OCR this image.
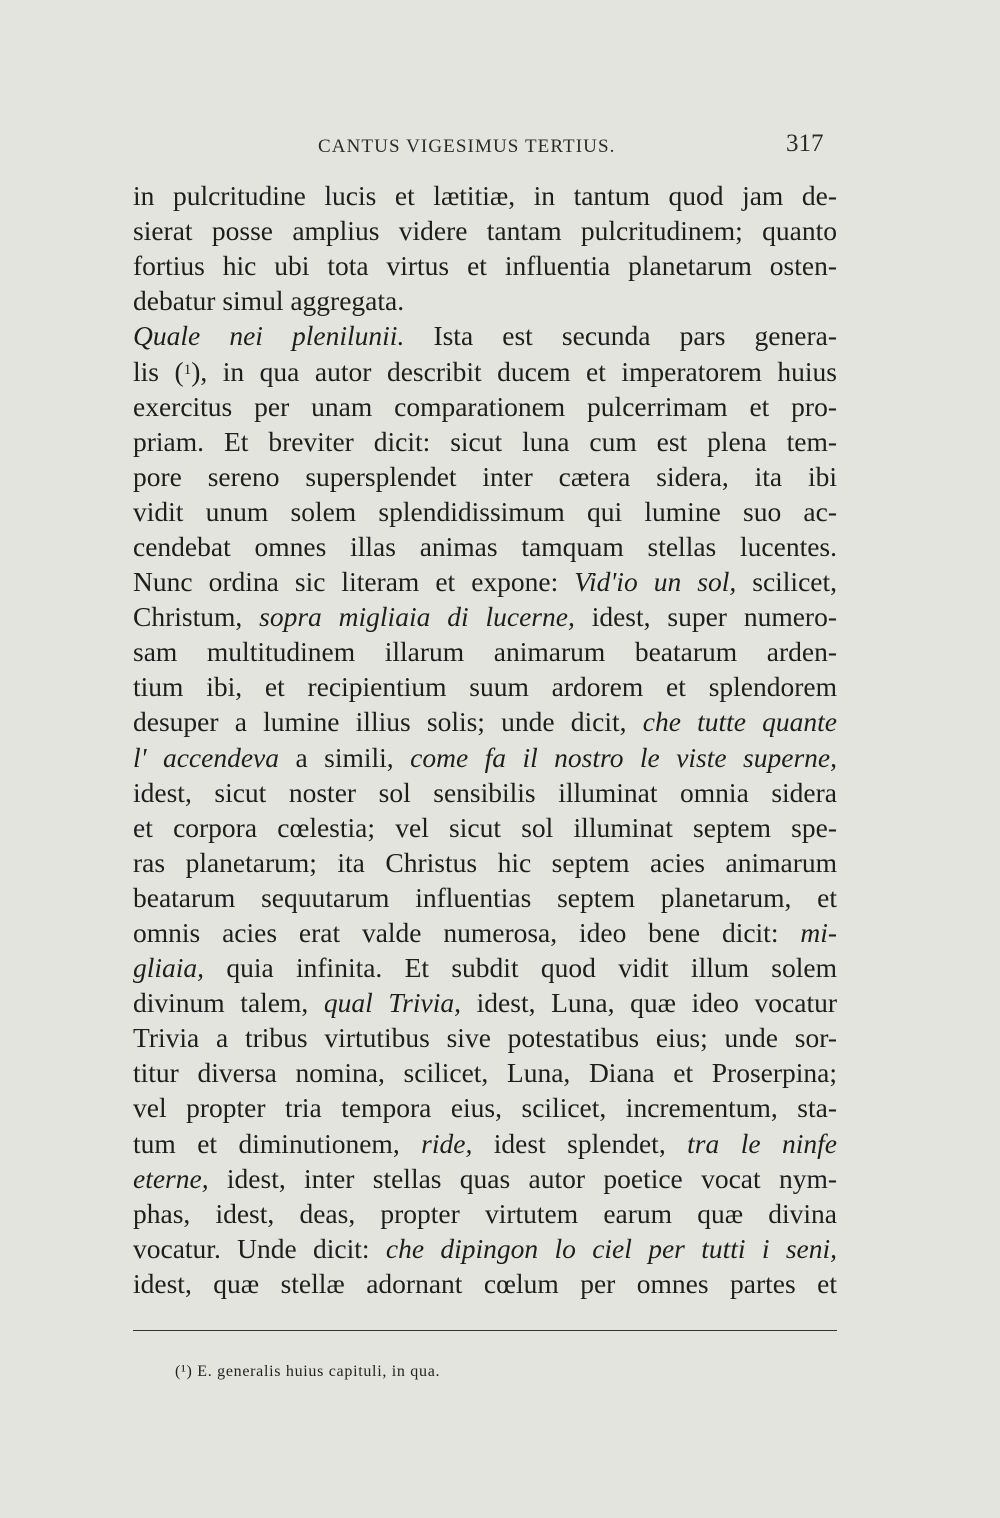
CANTUS VIGESIMUS TERTIUS.	317
in pulcritudine lucis et lætitiæ, in tantum quod jam de-
sierat posse amplius videre tantam pulcritudinem; quanto
fortius hic ubi tota virtus et influentia planetarum osten-
debatur simul aggregata.
Quale nei plenilunii. Ista est secunda pars genera-
lis ($^1$), in qua autor describit ducem et imperatorem huius
exercitus per unam comparationem pulcerrimam et pro-
priam. Et breviter dicit: sicut luna cum est plena tem-
pore sereno supersplendet inter cætera sidera, ita ibi
vidit unum solem splendidissimum qui lumine suo ac-
cendebat omnes illas animas tamquam stellas lucentes.
Nunc ordina sic literam et expone: Vid'io un sol, scilicet,
Christum, sopra migliaia di lucerne, idest, super numero-
sam multitudinem illarum animarum beatarum arden-
tium ibi, et recipientium suum ardorem et splendorem
desuper a lumine illius solis; unde dicit, che tutte quante
l' accendeva a simili, come fa il nostro le viste superne,
idest, sicut noster sol sensibilis illuminat omnia sidera
et corpora cœlestia; vel sicut sol illuminat septem spe-
ras planetarum; ita Christus hic septem acies animarum
beatarum sequutarum influentias septem planetarum, et
omnis acies erat valde numerosa, ideo bene dicit: mi-
gliaia, quia infinita. Et subdit quod vidit illum solem
divinum talem, qual Trivia, idest, Luna, quæ ideo vocatur
Trivia a tribus virtutibus sive potestatibus eius; unde sor-
titur diversa nomina, scilicet, Luna, Diana et Proserpina;
vel propter tria tempora eius, scilicet, incrementum, sta-
tum et diminutionem, ride, idest splendet, tra le ninfe
eterne, idest, inter stellas quas autor poetice vocat nym-
phas, idest, deas, propter virtutem earum quæ divina
vocatur. Unde dicit: che dipingon lo ciel per tutti i seni,
idest, quæ stellæ adornant cœlum per omnes partes et
(¹) E. generalis huius capituli, in qua.
